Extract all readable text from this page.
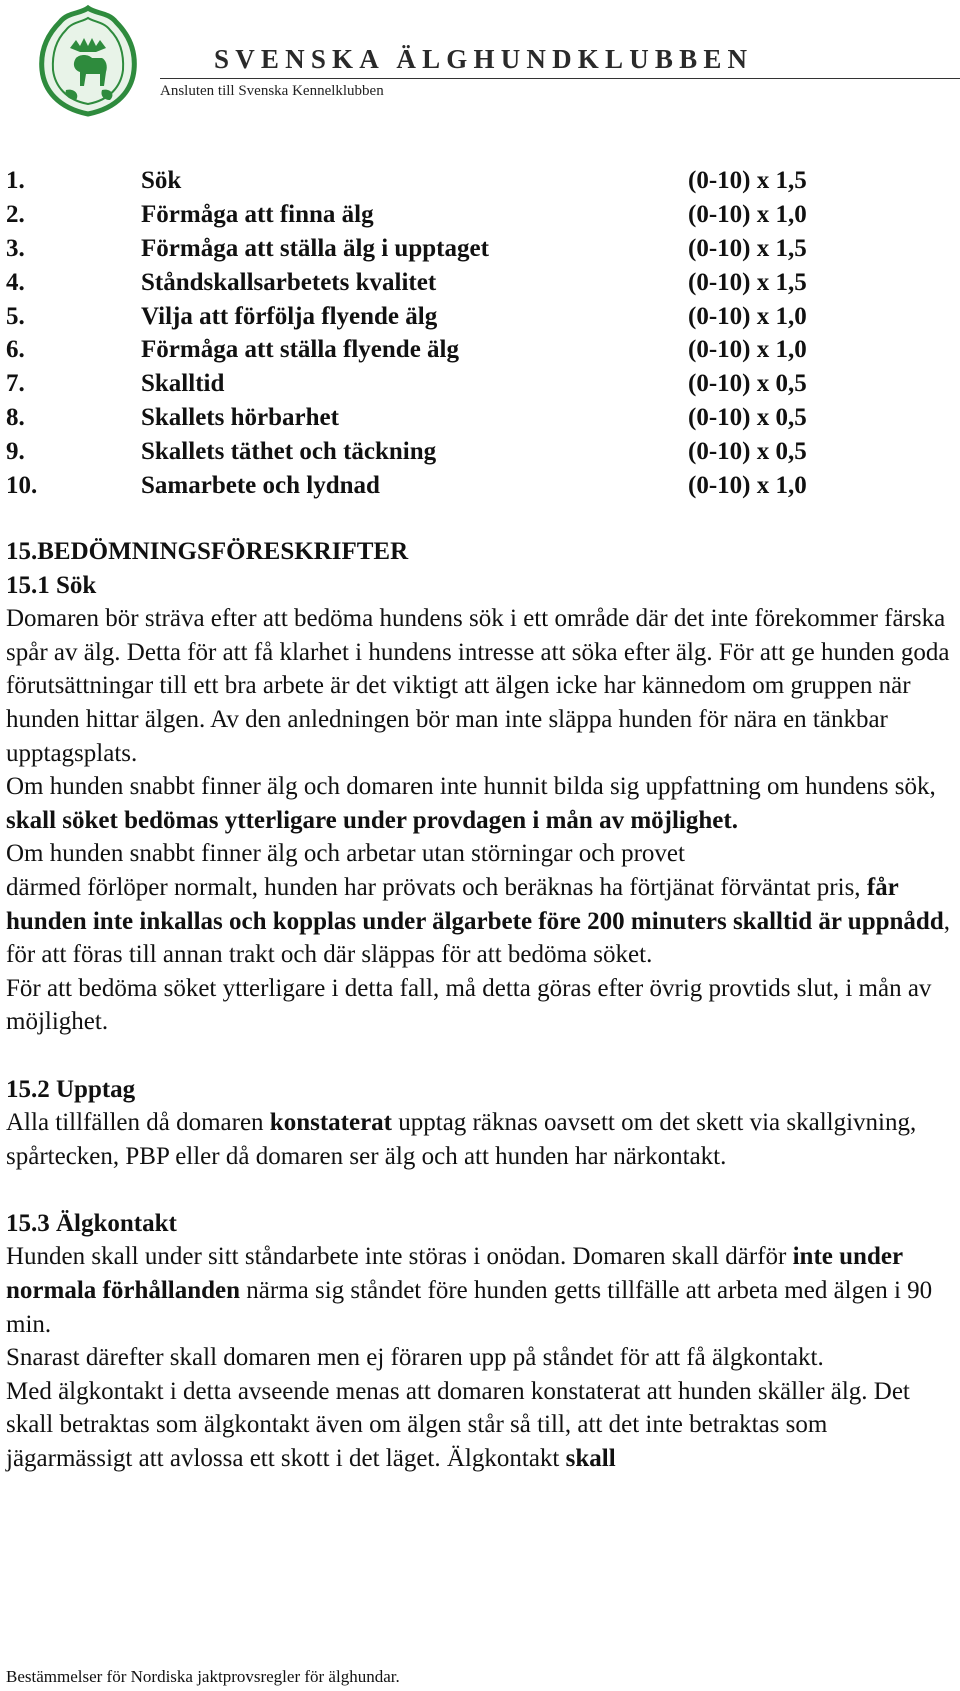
SVENSKA ÄLGHUNDKLUBBEN
Ansluten till Svenska Kennelklubben
1.	Sök	(0-10) x 1,5
2.	Förmåga att finna älg	(0-10) x 1,0
3.	Förmåga att ställa älg i upptaget	(0-10) x 1,5
4.	Ståndskallsarbetets kvalitet	(0-10) x 1,5
5.	Vilja att förfölja flyende älg	(0-10) x 1,0
6.	Förmåga att ställa flyende älg	(0-10) x 1,0
7.	Skalltid	(0-10) x 0,5
8.	Skallets hörbarhet	(0-10) x 0,5
9.	Skallets täthet och täckning	(0-10) x 0,5
10.	Samarbete och lydnad	(0-10) x 1,0

15.BEDÖMNINGSFÖRESKRIFTER

15.1 Sök

Domaren bör sträva efter att bedöma hundens sök i ett område där det inte förekommer färska spår av älg. Detta för att få klarhet i hundens intresse att söka efter älg. För att ge hunden goda förutsättningar till ett bra arbete är det viktigt att älgen icke har kännedom om gruppen när hunden hittar älgen. Av den anledningen bör man inte släppa hunden för nära en tänkbar upptagsplats.

Om hunden snabbt finner älg och domaren inte hunnit bilda sig uppfattning om hundens sök, skall söket bedömas ytterligare under provdagen i mån av möjlighet.

Om hunden snabbt finner älg och arbetar utan störningar och provet
därmed förlöper normalt, hunden har prövats och beräknas ha förtjänat förväntat pris, får hunden inte inkallas och kopplas under älgarbete före 200 minuters skalltid är uppnådd, för att föras till annan trakt och där släppas för att bedöma söket.

För att bedöma söket ytterligare i detta fall, må detta göras efter övrig provtids slut, i mån av möjlighet.

15.2 Upptag

Alla tillfällen då domaren konstaterat upptag räknas oavsett om det skett via skallgivning, spårtecken, PBP eller då domaren ser älg och att hunden har närkontakt.

15.3 Älgkontakt

Hunden skall under sitt ståndarbete inte störas i onödan. Domaren skall därför inte under normala förhållanden närma sig ståndet före hunden getts tillfälle att arbeta med älgen i 90 min.

Snarast därefter skall domaren men ej föraren upp på ståndet för att få älgkontakt.

Med älgkontakt i detta avseende menas att domaren konstaterat att hunden skäller älg. Det skall betraktas som älgkontakt även om älgen står så till, att det inte betraktas som jägarmässigt att avlossa ett skott i det läget. Älgkontakt skall

Bestämmelser för Nordiska jaktprovsregler för älghundar.
